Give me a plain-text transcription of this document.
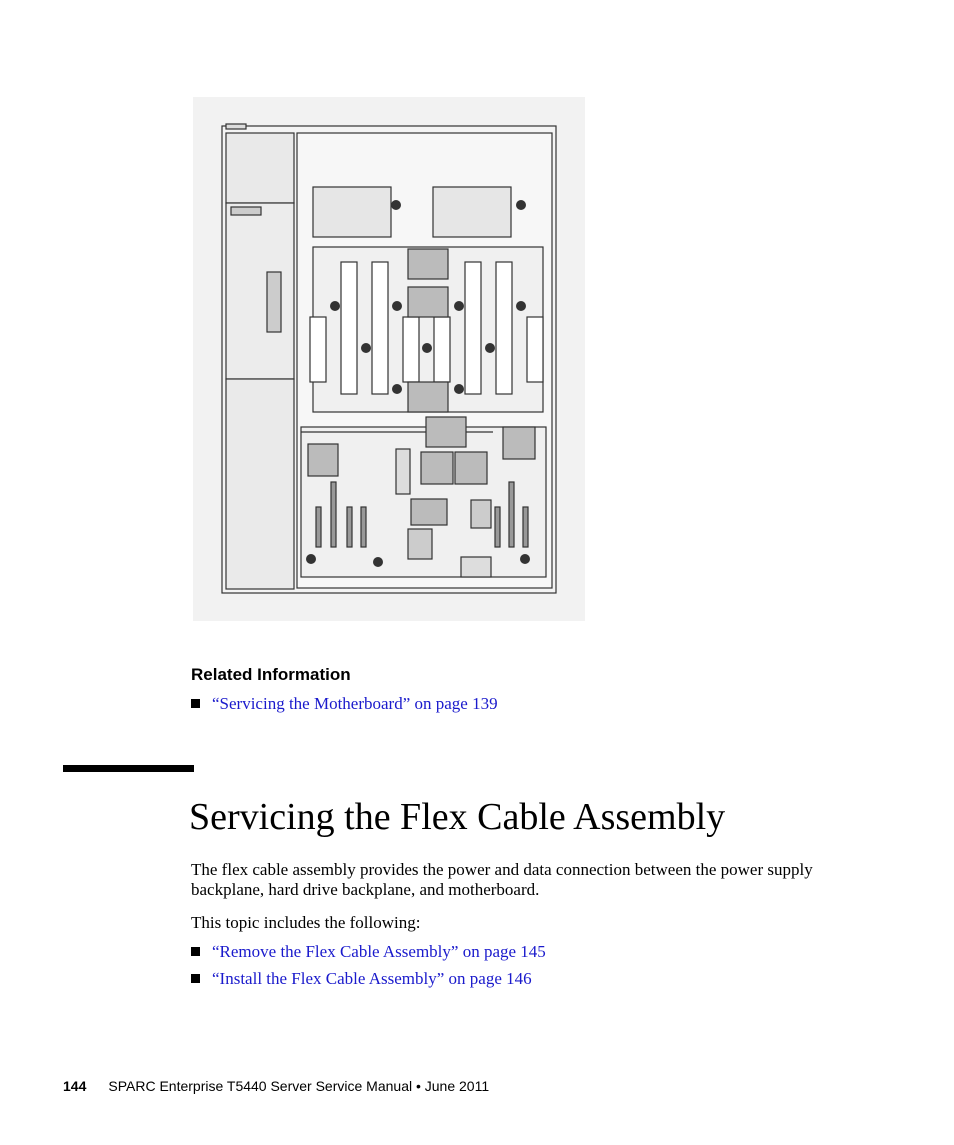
Related Information
“Servicing the Motherboard” on page 139
Servicing the Flex Cable Assembly

The flex cable assembly provides the power and data connection between the power supply backplane, hard drive backplane, and motherboard.

This topic includes the following:

“Remove the Flex Cable Assembly” on page 145
“Install the Flex Cable Assembly” on page 146
144 SPARC Enterprise T5440 Server Service Manual • June 2011
